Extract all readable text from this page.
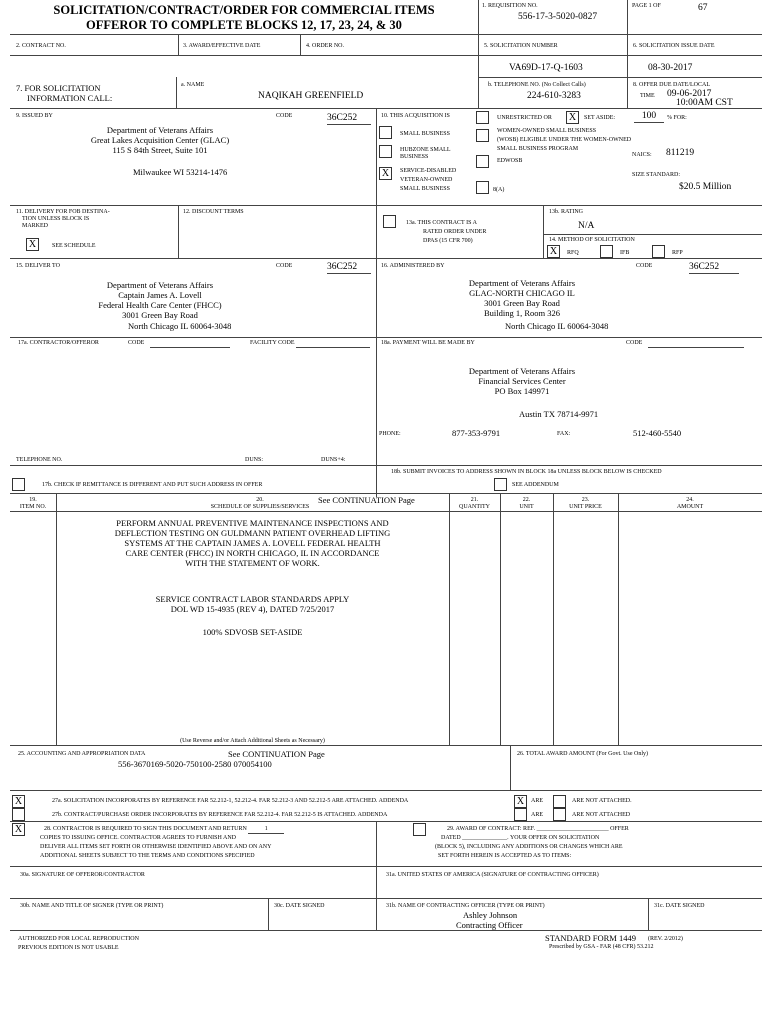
SOLICITATION/CONTRACT/ORDER FOR COMMERCIAL ITEMS
OFFEROR TO COMPLETE BLOCKS 12, 17, 23, 24, & 30
1. REQUISITION NO.
556-17-3-5020-0827
PAGE 1 OF	67
2. CONTRACT NO.	3. AWARD/EFFECTIVE DATE	4. ORDER NO.	5. SOLICITATION NUMBER
VA69D-17-Q-1603
6. SOLICITATION ISSUE DATE
08-30-2017
7. FOR SOLICITATION
INFORMATION CALL:
a. NAME
NAQIKAH GREENFIELD
b. TELEPHONE NO. (No Collect Calls)
224-610-3283
8. OFFER DUE DATE/LOCAL
TIME 09-06-2017
10:00AM CST
9. ISSUED BY	CODE	36C252
Department of Veterans Affairs
Great Lakes Acquisition Center (GLAC)
115 S 84th Street, Suite 101
Milwaukee WI 53214-1476
10. THIS ACQUISITION IS	UNRESTRICTED OR X	SET ASIDE:	100	% FOR:
SMALL BUSINESS
HUBZONE SMALL
BUSINESS
X	SERVICE-DISABLED
VETERAN-OWNED
SMALL BUSINESS
WOMEN-OWNED SMALL BUSINESS
(WOSB) ELIGIBLE UNDER THE WOMEN-OWNED
SMALL BUSINESS PROGRAM
EDWOSB
8(A)
NAICS: 811219
SIZE STANDARD:
$20.5 Million
11. DELIVERY FOR FOB DESTINA-
TION UNLESS BLOCK IS
MARKED
X	SEE SCHEDULE
12. DISCOUNT TERMS
13a. THIS CONTRACT IS A
RATED ORDER UNDER
DPAS (15 CFR 700)
13b. RATING
N/A
14. METHOD OF SOLICITATION
X	RFQ	IFB	RFP
15. DELIVER TO	CODE	36C252
Department of Veterans Affairs
Captain James A. Lovell
Federal Health Care Center (FHCC)
3001 Green Bay Road
North Chicago IL 60064-3048
16. ADMINISTERED BY	CODE	36C252
Department of Veterans Affairs
GLAC-NORTH CHICAGO IL
3001 Green Bay Road
Building 1, Room 326
North Chicago IL 60064-3048
17a. CONTRACTOR/OFFEROR	CODE	FACILITY CODE
TELEPHONE NO.	DUNS:	DUNS+4:
17b. CHECK IF REMITTANCE IS DIFFERENT AND PUT SUCH ADDRESS IN OFFER
18a. PAYMENT WILL BE MADE BY	CODE
Department of Veterans Affairs
Financial Services Center
PO Box 149971
Austin TX 78714-9971
PHONE:	877-353-9791	FAX:	512-460-5540
18b. SUBMIT INVOICES TO ADDRESS SHOWN IN BLOCK 18a UNLESS BLOCK BELOW IS CHECKED
SEE ADDENDUM
19.
ITEM NO.
20.
SCHEDULE OF SUPPLIES/SERVICES
See CONTINUATION Page	21.
QUANTITY
22.
UNIT
23.
UNIT PRICE
24.
AMOUNT
PERFORM ANNUAL PREVENTIVE MAINTENANCE INSPECTIONS AND
DEFLECTION TESTING ON GULDMANN PATIENT OVERHEAD LIFTING
SYSTEMS AT THE CAPTAIN JAMES A. LOVELL FEDERAL HEALTH
CARE CENTER (FHCC) IN NORTH CHICAGO, IL IN ACCORDANCE
WITH THE STATEMENT OF WORK.
SERVICE CONTRACT LABOR STANDARDS APPLY
DOL WD 15-4935 (REV 4), DATED 7/25/2017
100% SDVOSB SET-ASIDE
(Use Reverse and/or Attach Additional Sheets as Necessary)
25. ACCOUNTING AND APPROPRIATION DATA	See CONTINUATION Page
556-3670169-5020-750100-2580 070054100
26. TOTAL AWARD AMOUNT (For Govt. Use Only)
X	27a. SOLICITATION INCORPORATES BY REFERENCE FAR 52.212-1, 52.212-4. FAR 52.212-3 AND 52.212-5 ARE ATTACHED. ADDENDA	X	ARE	ARE NOT ATTACHED.
27b. CONTRACT/PURCHASE ORDER INCORPORATES BY REFERENCE FAR 52.212-4. FAR 52.212-5 IS ATTACHED. ADDENDA	ARE	ARE NOT ATTACHED
X	28. CONTRACTOR IS REQUIRED TO SIGN THIS DOCUMENT AND RETURN	1
COPIES TO ISSUING OFFICE. CONTRACTOR AGREES TO FURNISH AND
DELIVER ALL ITEMS SET FORTH OR OTHERWISE IDENTIFIED ABOVE AND ON ANY
ADDITIONAL SHEETS SUBJECT TO THE TERMS AND CONDITIONS SPECIFIED
29. AWARD OF CONTRACT: REF. ________________________ OFFER
DATED _______________. YOUR OFFER ON SOLICITATION
(BLOCK 5), INCLUDING ANY ADDITIONS OR CHANGES WHICH ARE
SET FORTH HEREIN IS ACCEPTED AS TO ITEMS:
30a. SIGNATURE OF OFFEROR/CONTRACTOR	31a. UNITED STATES OF AMERICA (SIGNATURE OF CONTRACTING OFFICER)
30b. NAME AND TITLE OF SIGNER (TYPE OR PRINT)	30c. DATE SIGNED	31b. NAME OF CONTRACTING OFFICER (TYPE OR PRINT)
Ashley Johnson
Contracting Officer
31c. DATE SIGNED
AUTHORIZED FOR LOCAL REPRODUCTION
PREVIOUS EDITION IS NOT USABLE
STANDARD FORM 1449 (REV. 2/2012)
Prescribed by GSA - FAR (48 CFR) 53.212
